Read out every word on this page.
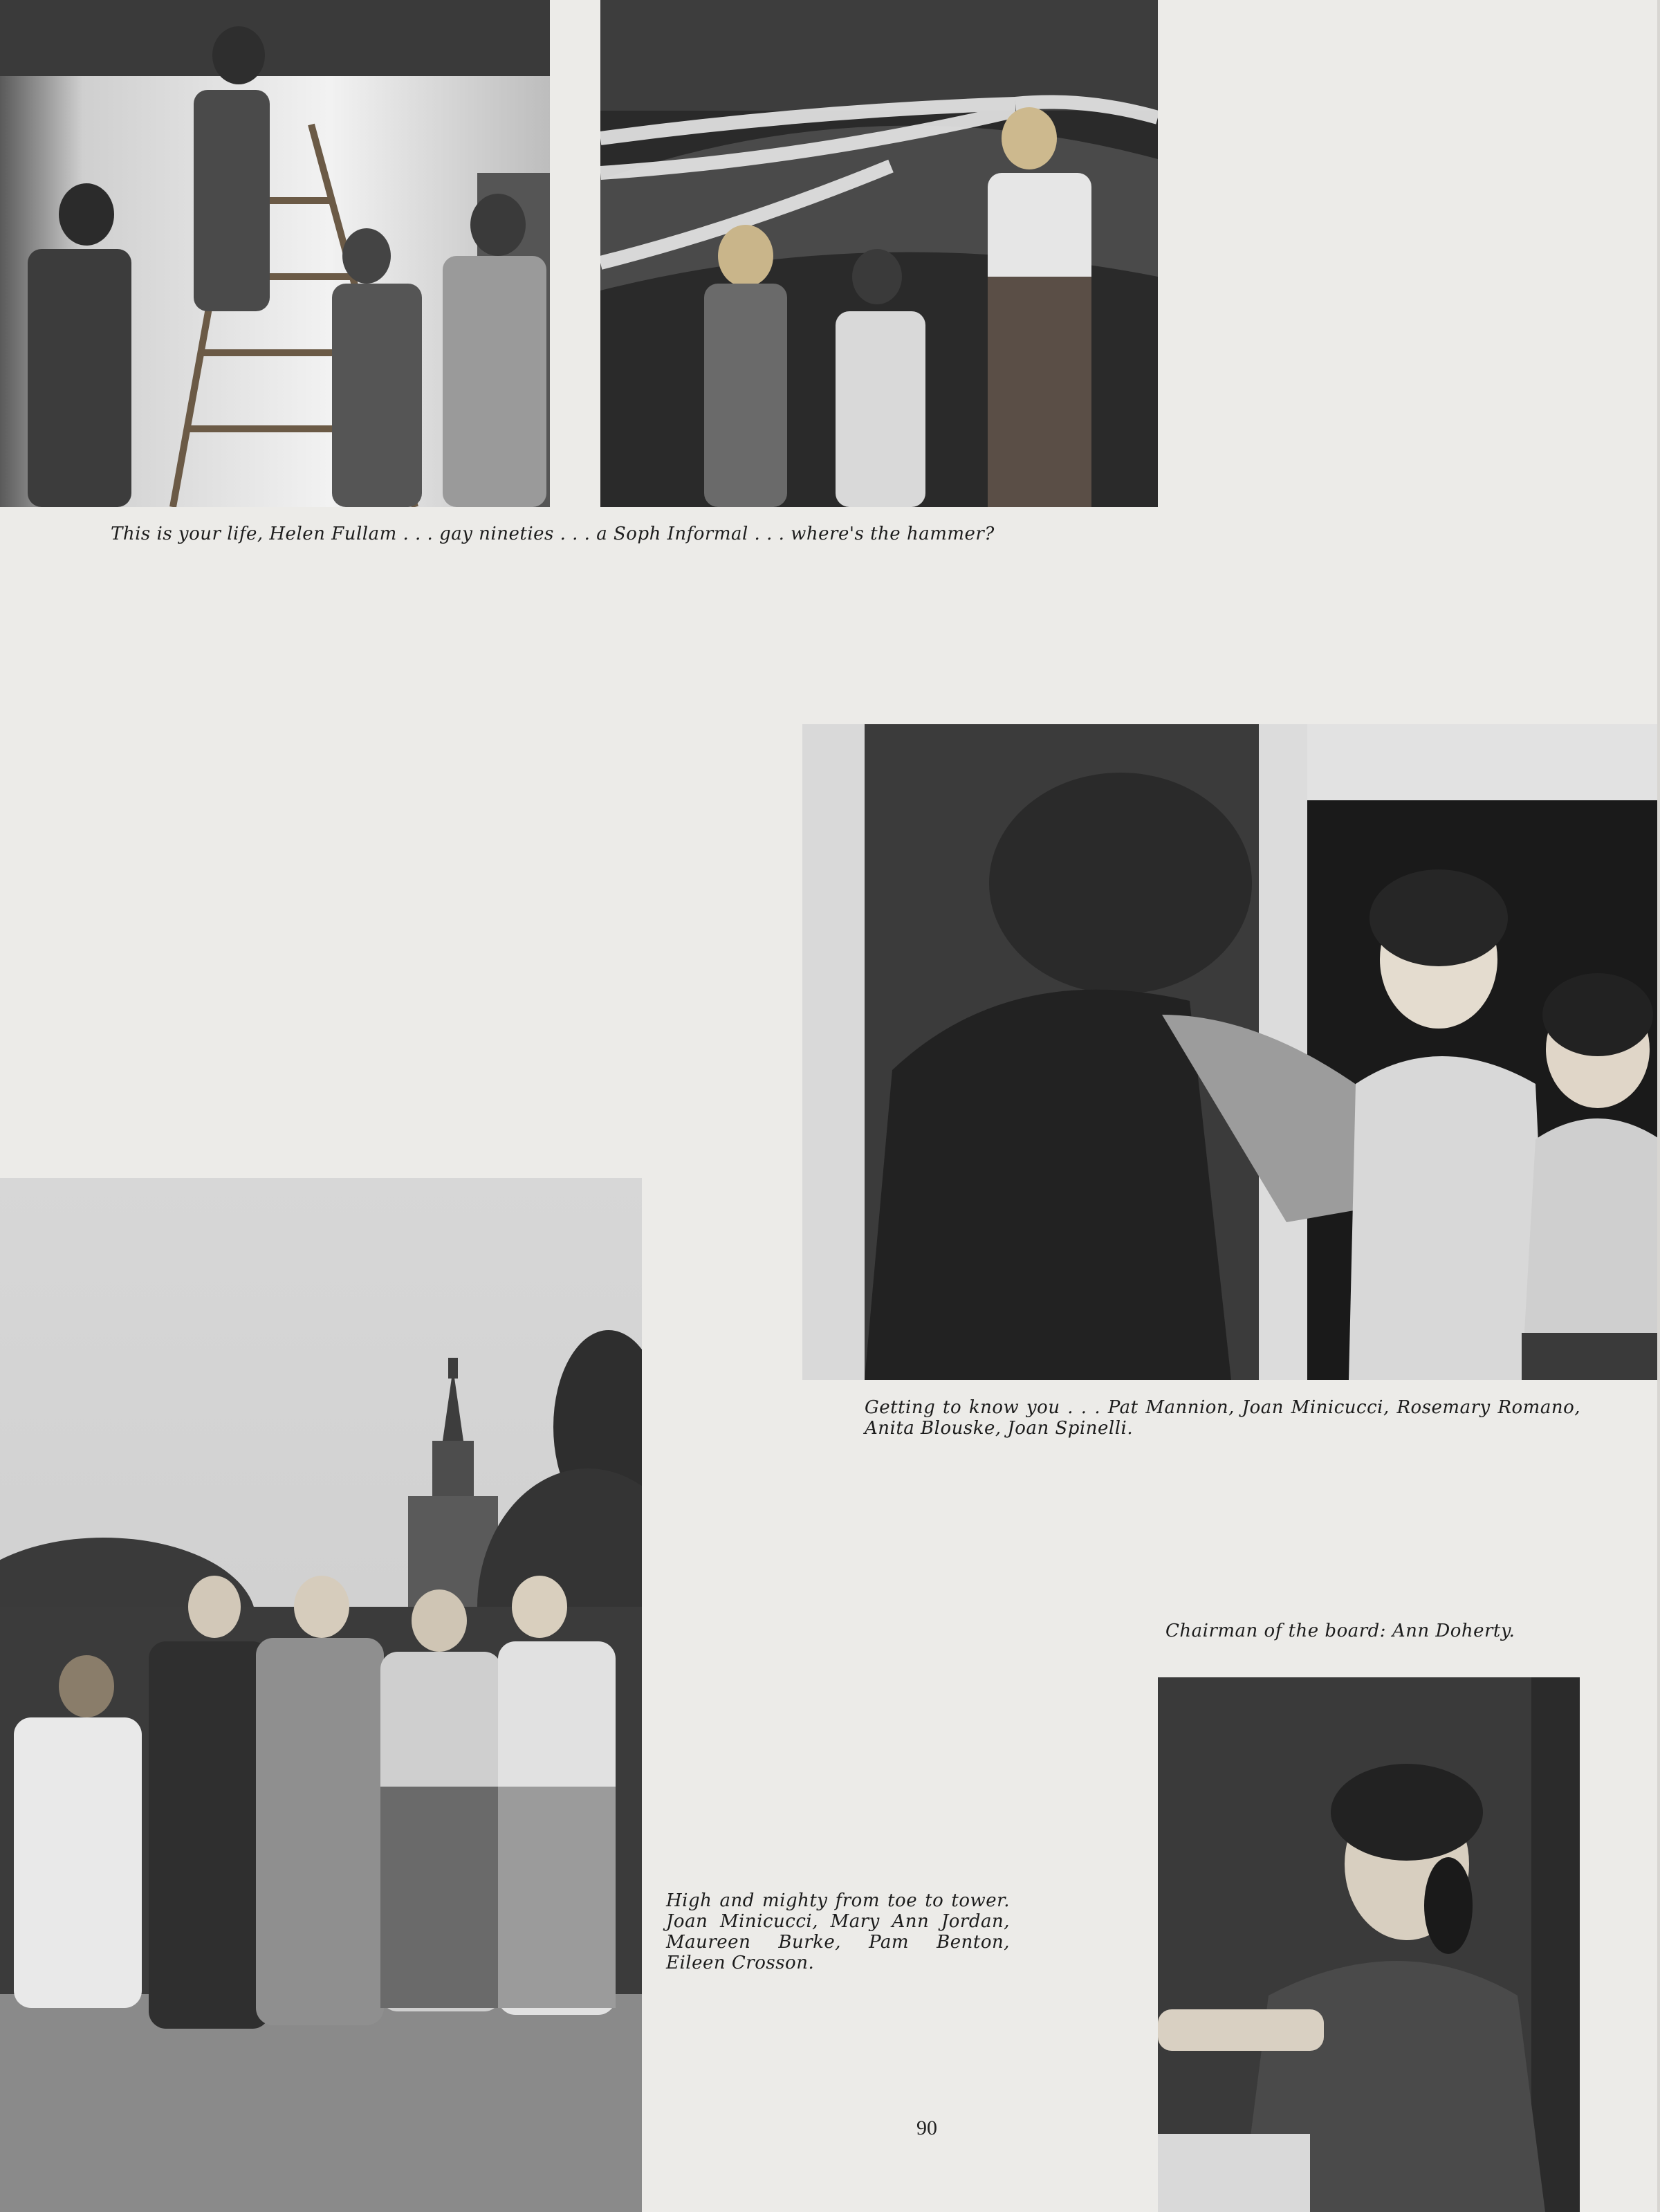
This is your life, Helen Fullam . . . gay nineties . . . a Soph Informal . . . where's the hammer?
Getting to know you . . . Pat Mannion, Joan Minicucci, Rosemary Romano, Anita Blouske, Joan Spinelli.
Chairman of the board: Ann Doherty.
High and mighty from toe to tower. Joan Minicucci, Mary Ann Jordan, Maureen Burke, Pam Benton, Eileen Crosson.
90
